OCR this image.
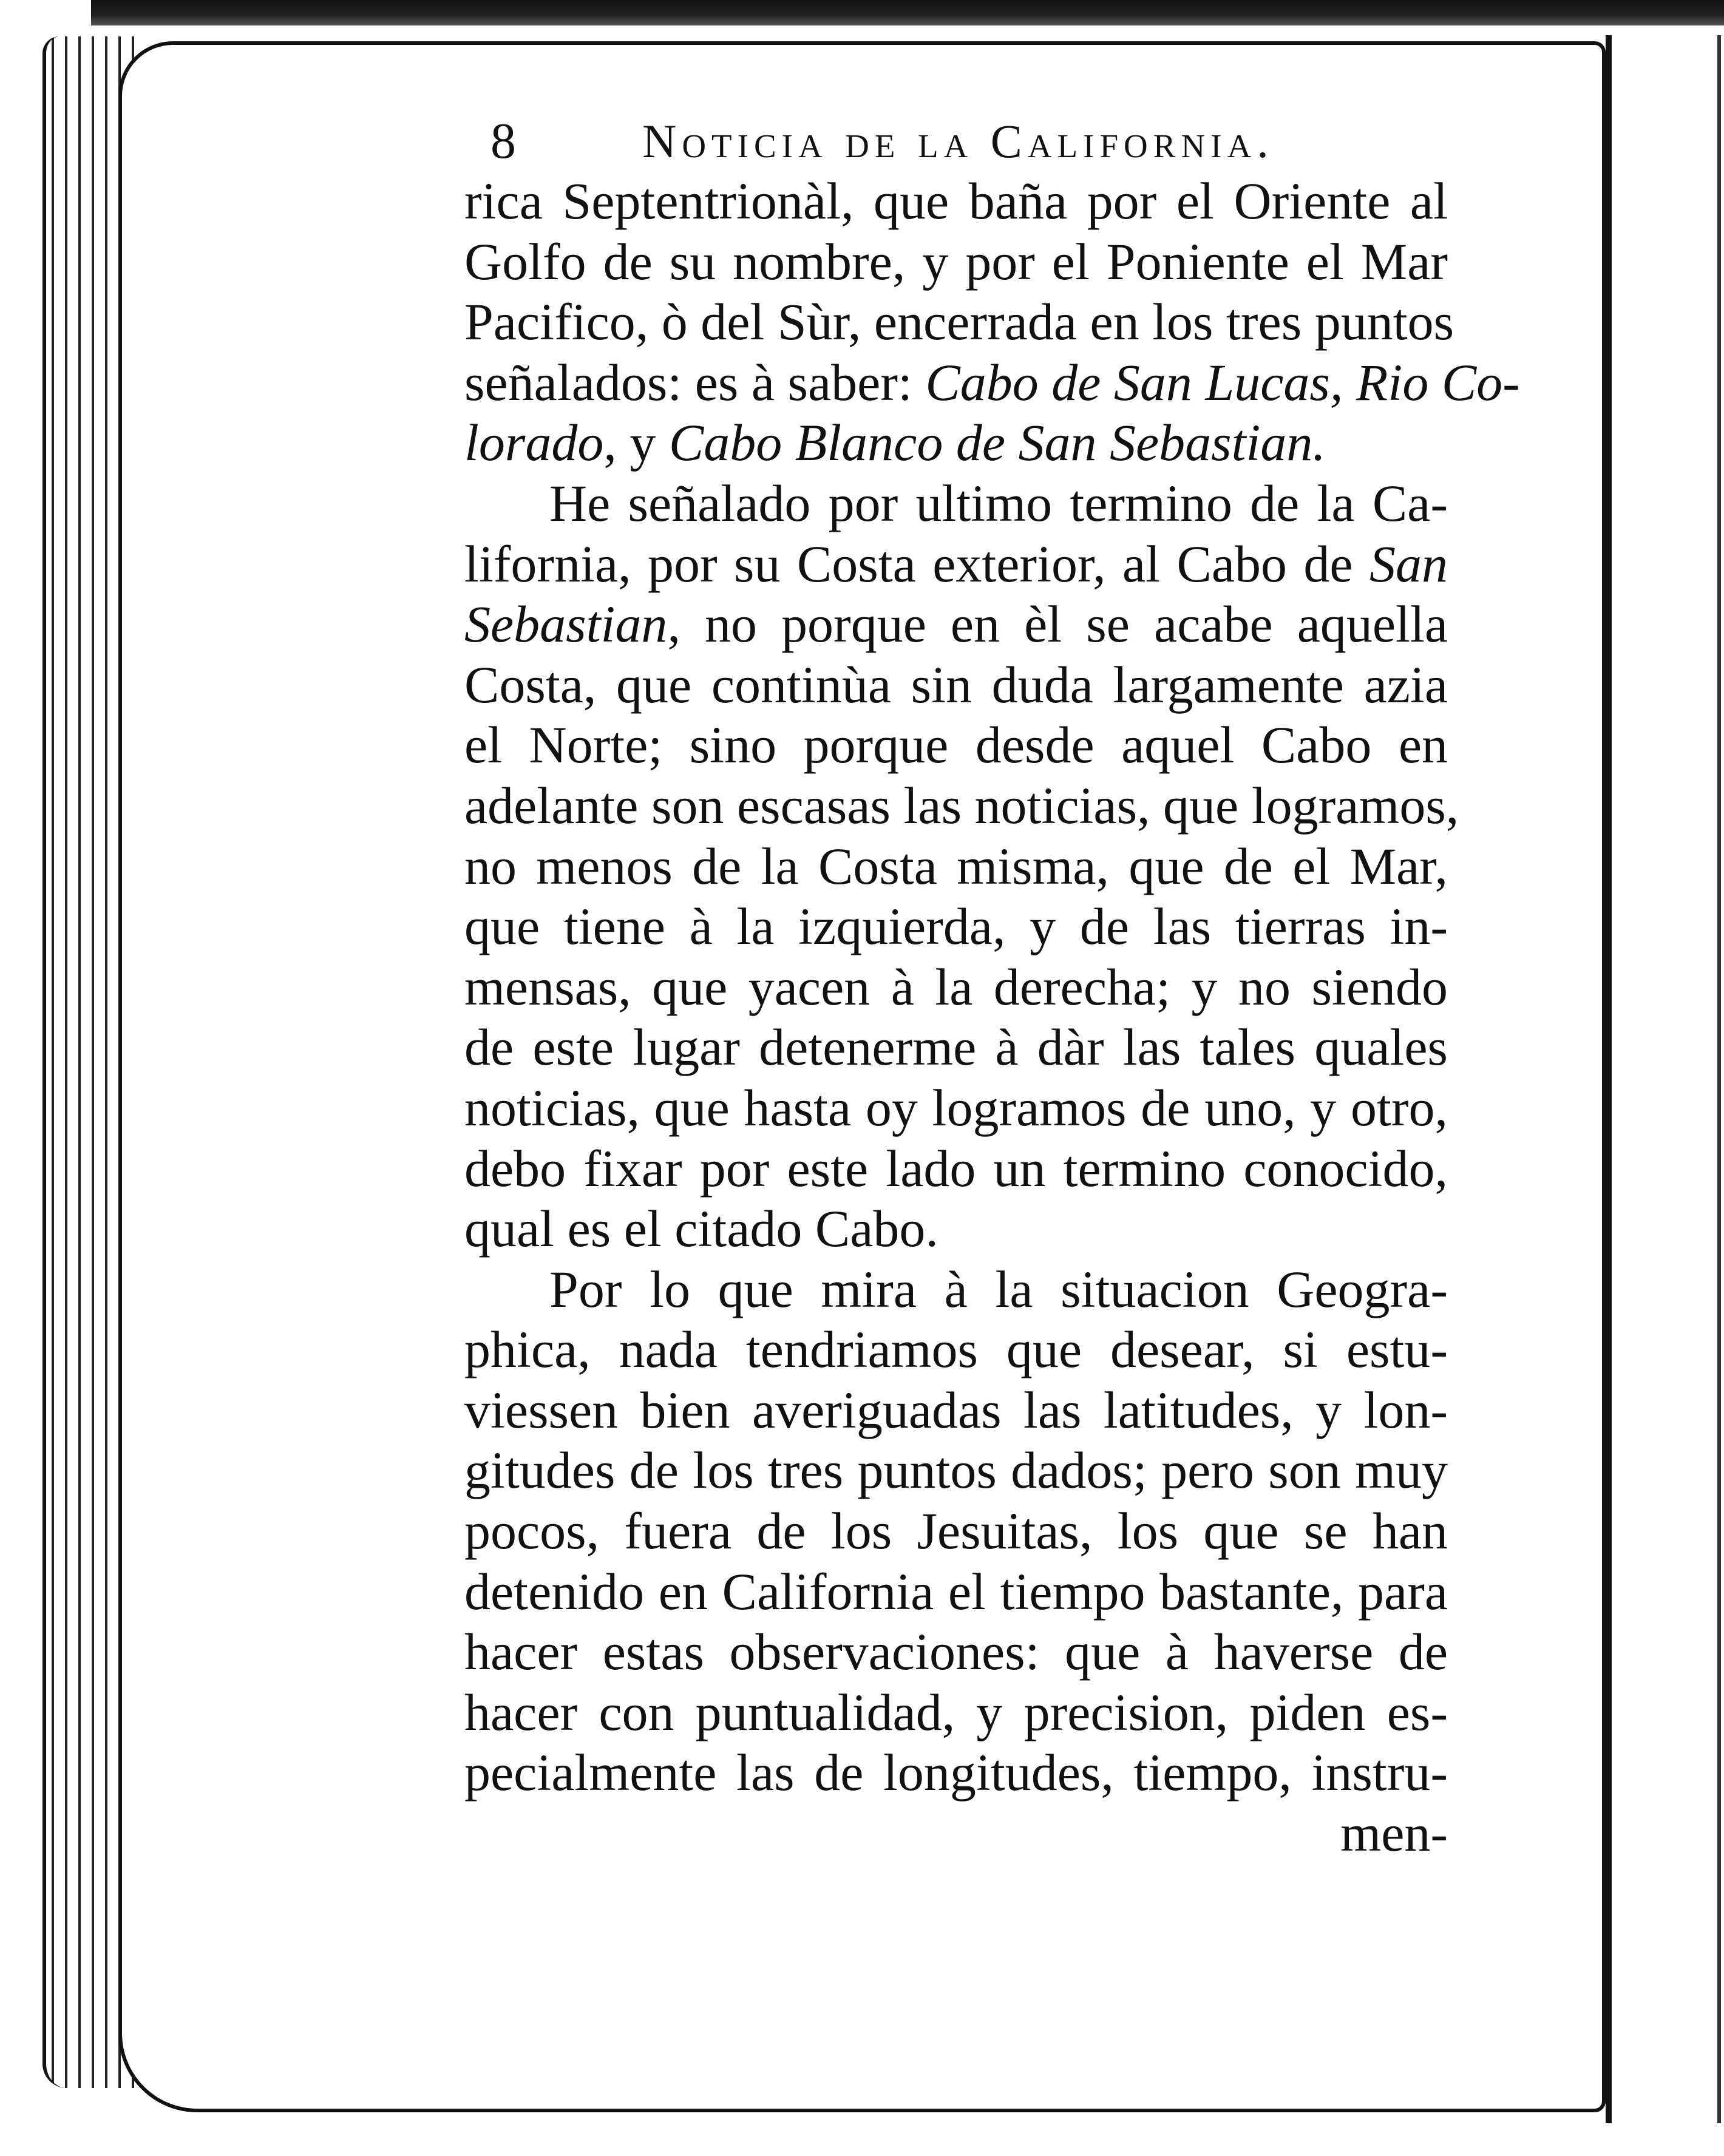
8	Noticia de la California.
rica Septentrionàl, que baña por el Oriente al
Golfo de su nombre, y por el Poniente el Mar
Pacifico, ò del Sùr, encerrada en los tres puntos
señalados: es à saber: Cabo de San Lucas, Rio Co-
lorado, y Cabo Blanco de San Sebastian.
He señalado por ultimo termino de la Ca-
lifornia, por su Costa exterior, al Cabo de San
Sebastian, no porque en èl se acabe aquella
Costa, que continùa sin duda largamente azia
el Norte; sino porque desde aquel Cabo en
adelante son escasas las noticias, que logramos,
no menos de la Costa misma, que de el Mar,
que tiene à la izquierda, y de las tierras in-
mensas, que yacen à la derecha; y no siendo
de este lugar detenerme à dàr las tales quales
noticias, que hasta oy logramos de uno, y otro,
debo fixar por este lado un termino conocido,
qual es el citado Cabo.
Por lo que mira à la situacion Geogra-
phica, nada tendriamos que desear, si estu-
viessen bien averiguadas las latitudes, y lon-
gitudes de los tres puntos dados; pero son muy
pocos, fuera de los Jesuitas, los que se han
detenido en California el tiempo bastante, para
hacer estas observaciones: que à haverse de
hacer con puntualidad, y precision, piden es-
pecialmente las de longitudes, tiempo, instru-
men-
